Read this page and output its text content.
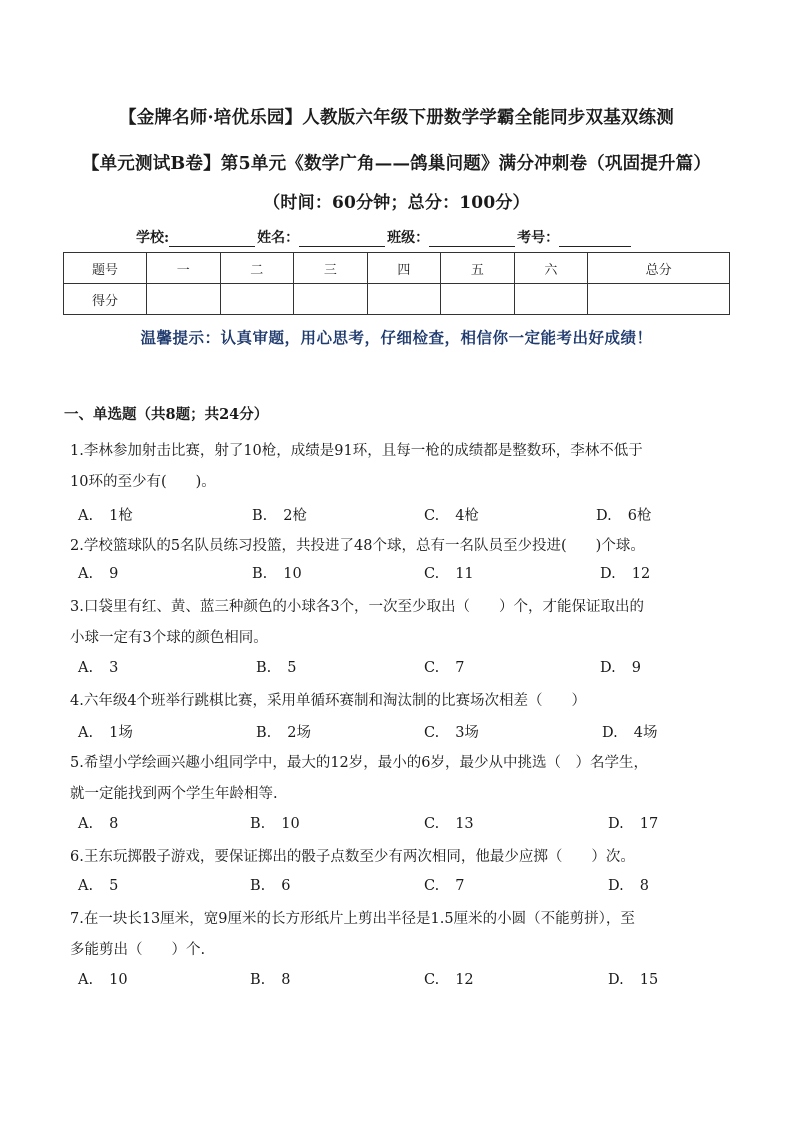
【金牌名师·培优乐园】人教版六年级下册数学学霸全能同步双基双练测
【单元测试B卷】第5单元《数学广角——鸽巢问题》满分冲刺卷（巩固提升篇）
（时间：60分钟；总分：100分）
学校:	姓名：	班级：	考号：
题号	一	二	三	四	五	六	总分
得分							
温馨提示：认真审题，用心思考，仔细检查，相信你一定能考出好成绩！
一、单选题（共8题；共24分）
1.李林参加射击比赛，射了10枪，成绩是91环，且每一枪的成绩都是整数环，李林不低于
10环的至少有(　　)。
A. 1枪	B. 2枪	C. 4枪	D. 6枪
2.学校篮球队的5名队员练习投篮，共投进了48个球，总有一名队员至少投进(　　)个球。
A. 9	B. 10	C. 11	D. 12
3.口袋里有红、黄、蓝三种颜色的小球各3个，一次至少取出（　　）个，才能保证取出的
小球一定有3个球的颜色相同。
A. 3	B. 5	C. 7	D. 9
4.六年级4个班举行跳棋比赛，采用单循环赛制和淘汰制的比赛场次相差（　　）
A. 1场	B. 2场	C. 3场	D. 4场
5.希望小学绘画兴趣小组同学中，最大的12岁，最小的6岁，最少从中挑选（　）名学生，
就一定能找到两个学生年龄相等.
A. 8	B. 10	C. 13	D. 17
6.王东玩掷骰子游戏，要保证掷出的骰子点数至少有两次相同，他最少应掷（　　）次。
A. 5	B. 6	C. 7	D. 8
7.在一块长13厘米，宽9厘米的长方形纸片上剪出半径是1.5厘米的小圆（不能剪拼），至
多能剪出（　　）个.
A. 10	B. 8	C. 12	D. 15
